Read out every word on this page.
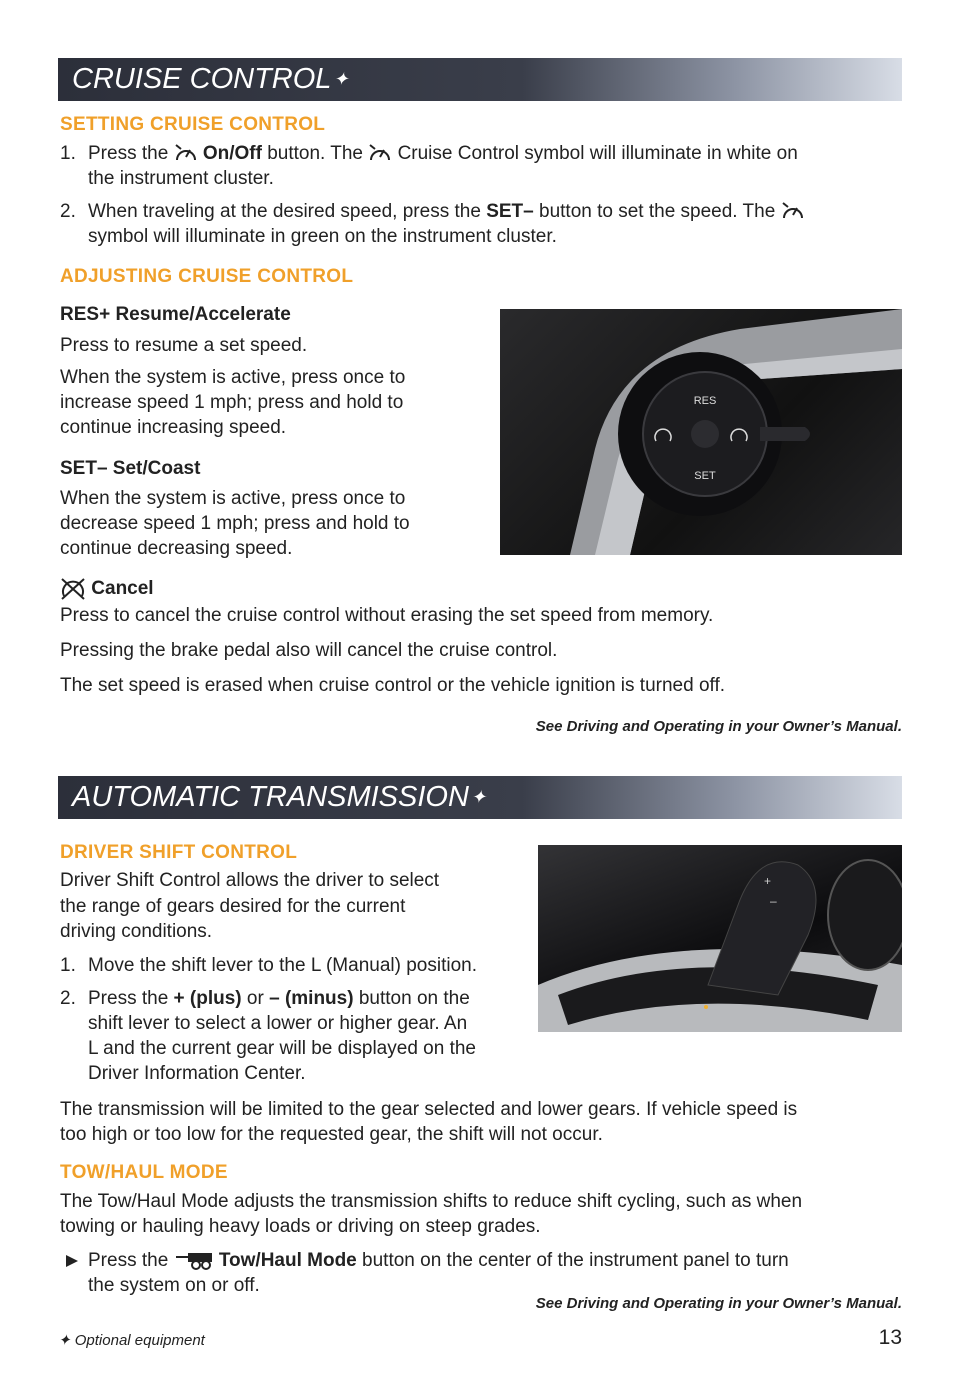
CRUISE CONTROL ✦
SETTING CRUISE CONTROL
1. Press the On/Off button. The Cruise Control symbol will illuminate in white on
the instrument cluster.
2. When traveling at the desired speed, press the SET– button to set the speed. The
symbol will illuminate in green on the instrument cluster.
ADJUSTING CRUISE CONTROL
RES+ Resume/Accelerate
Press to resume a set speed.
When the system is active, press once to
increase speed 1 mph; press and hold to
continue increasing speed.
SET– Set/Coast
When the system is active, press once to
decrease speed 1 mph; press and hold to
continue decreasing speed.
RES
SET
Cancel
Press to cancel the cruise control without erasing the set speed from memory.
Pressing the brake pedal also will cancel the cruise control.
The set speed is erased when cruise control or the vehicle ignition is turned off.
See Driving and Operating in your Owner’s Manual.
AUTOMATIC TRANSMISSION ✦
DRIVER SHIFT CONTROL
Driver Shift Control allows the driver to select
the range of gears desired for the current
driving conditions.
1. Move the shift lever to the L (Manual) position.
2. Press the + (plus) or – (minus) button on the
shift lever to select a lower or higher gear. An
L and the current gear will be displayed on the
Driver Information Center.
+
–
The transmission will be limited to the gear selected and lower gears. If vehicle speed is
too high or too low for the requested gear, the shift will not occur.
TOW/HAUL MODE
The Tow/Haul Mode adjusts the transmission shifts to reduce shift cycling, such as when
towing or hauling heavy loads or driving on steep grades.
Press the	Tow/Haul Mode button on the center of the instrument panel to turn
the system on or off.
See Driving and Operating in your Owner’s Manual.
✦ Optional equipment	13
